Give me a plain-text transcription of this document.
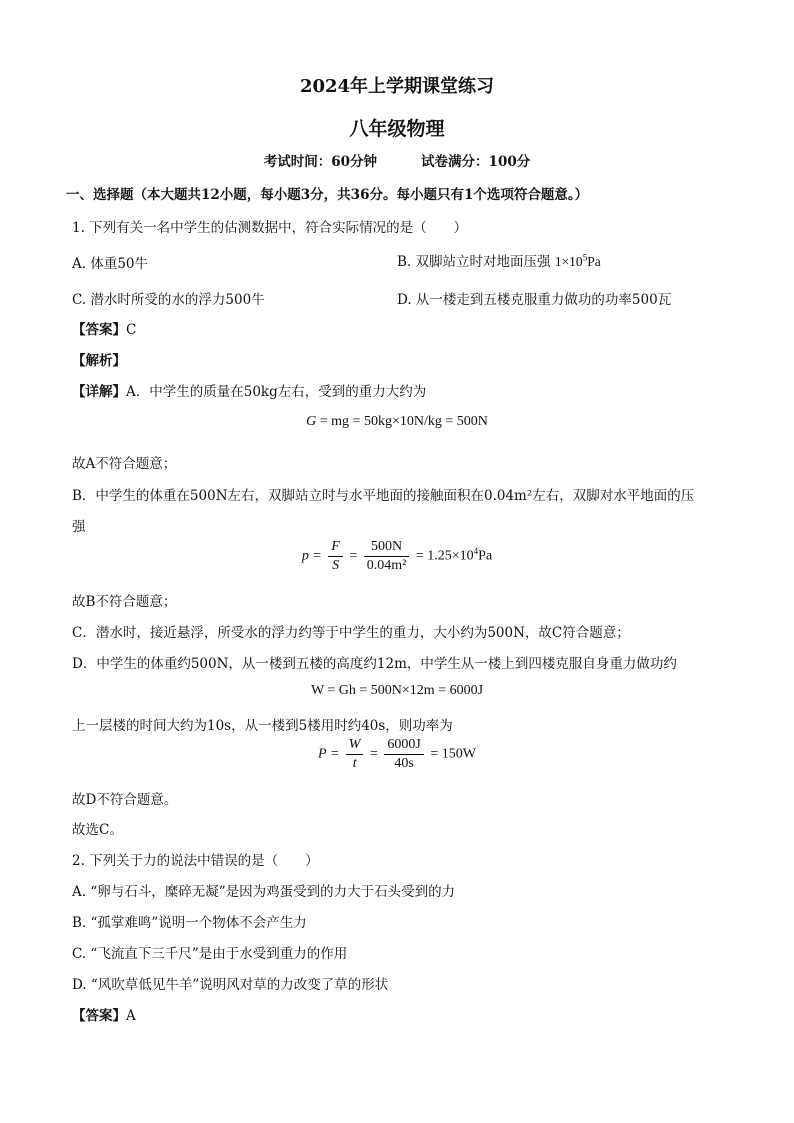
2024年上学期课堂练习
八年级物理
考试时间：60分钟	试卷满分：100分
一、选择题（本大题共12小题，每小题3分，共36分。每小题只有1个选项符合题意。）
1. 下列有关一名中学生的估测数据中，符合实际情况的是（　　）
A. 体重50牛	B. 双脚站立时对地面压强 $1\times 10^5Pa$
C. 潜水时所受的水的浮力500牛	D. 从一楼走到五楼克服重力做功的功率500瓦
【答案】C
【解析】
【详解】A．中学生的质量在50kg左右，受到的重力大约为
G = mg = 50kg×10N/kg = 500N
故A不符合题意；
B．中学生的体重在500N左右，双脚站立时与水平地面的接触面积在0.04m²左右，双脚对水平地面的压
强
$p = \frac{F}{S} = \frac{500N}{\text{0.04m²}} = 1.25\times 10^4Pa$
故B不符合题意；
C．潜水时，接近悬浮，所受水的浮力约等于中学生的重力，大小约为500N，故C符合题意；
D．中学生的体重约500N，从一楼到五楼的高度约12m，中学生从一楼上到四楼克服自身重力做功约
W = Gh = 500N×12m = 6000J
上一层楼的时间大约为10s，从一楼到5楼用时约40s，则功率为
$P = \frac{W}{t} = \frac{6000J}{40s} = 150W$
故D不符合题意。
故选C。
2. 下列关于力的说法中错误的是（　　）
A. “卵与石斗，糜碎无凝”是因为鸡蛋受到的力大于石头受到的力
B. “孤掌难鸣”说明一个物体不会产生力
C. “飞流直下三千尺”是由于水受到重力的作用
D. “风吹草低见牛羊”说明风对草的力改变了草的形状
【答案】A
